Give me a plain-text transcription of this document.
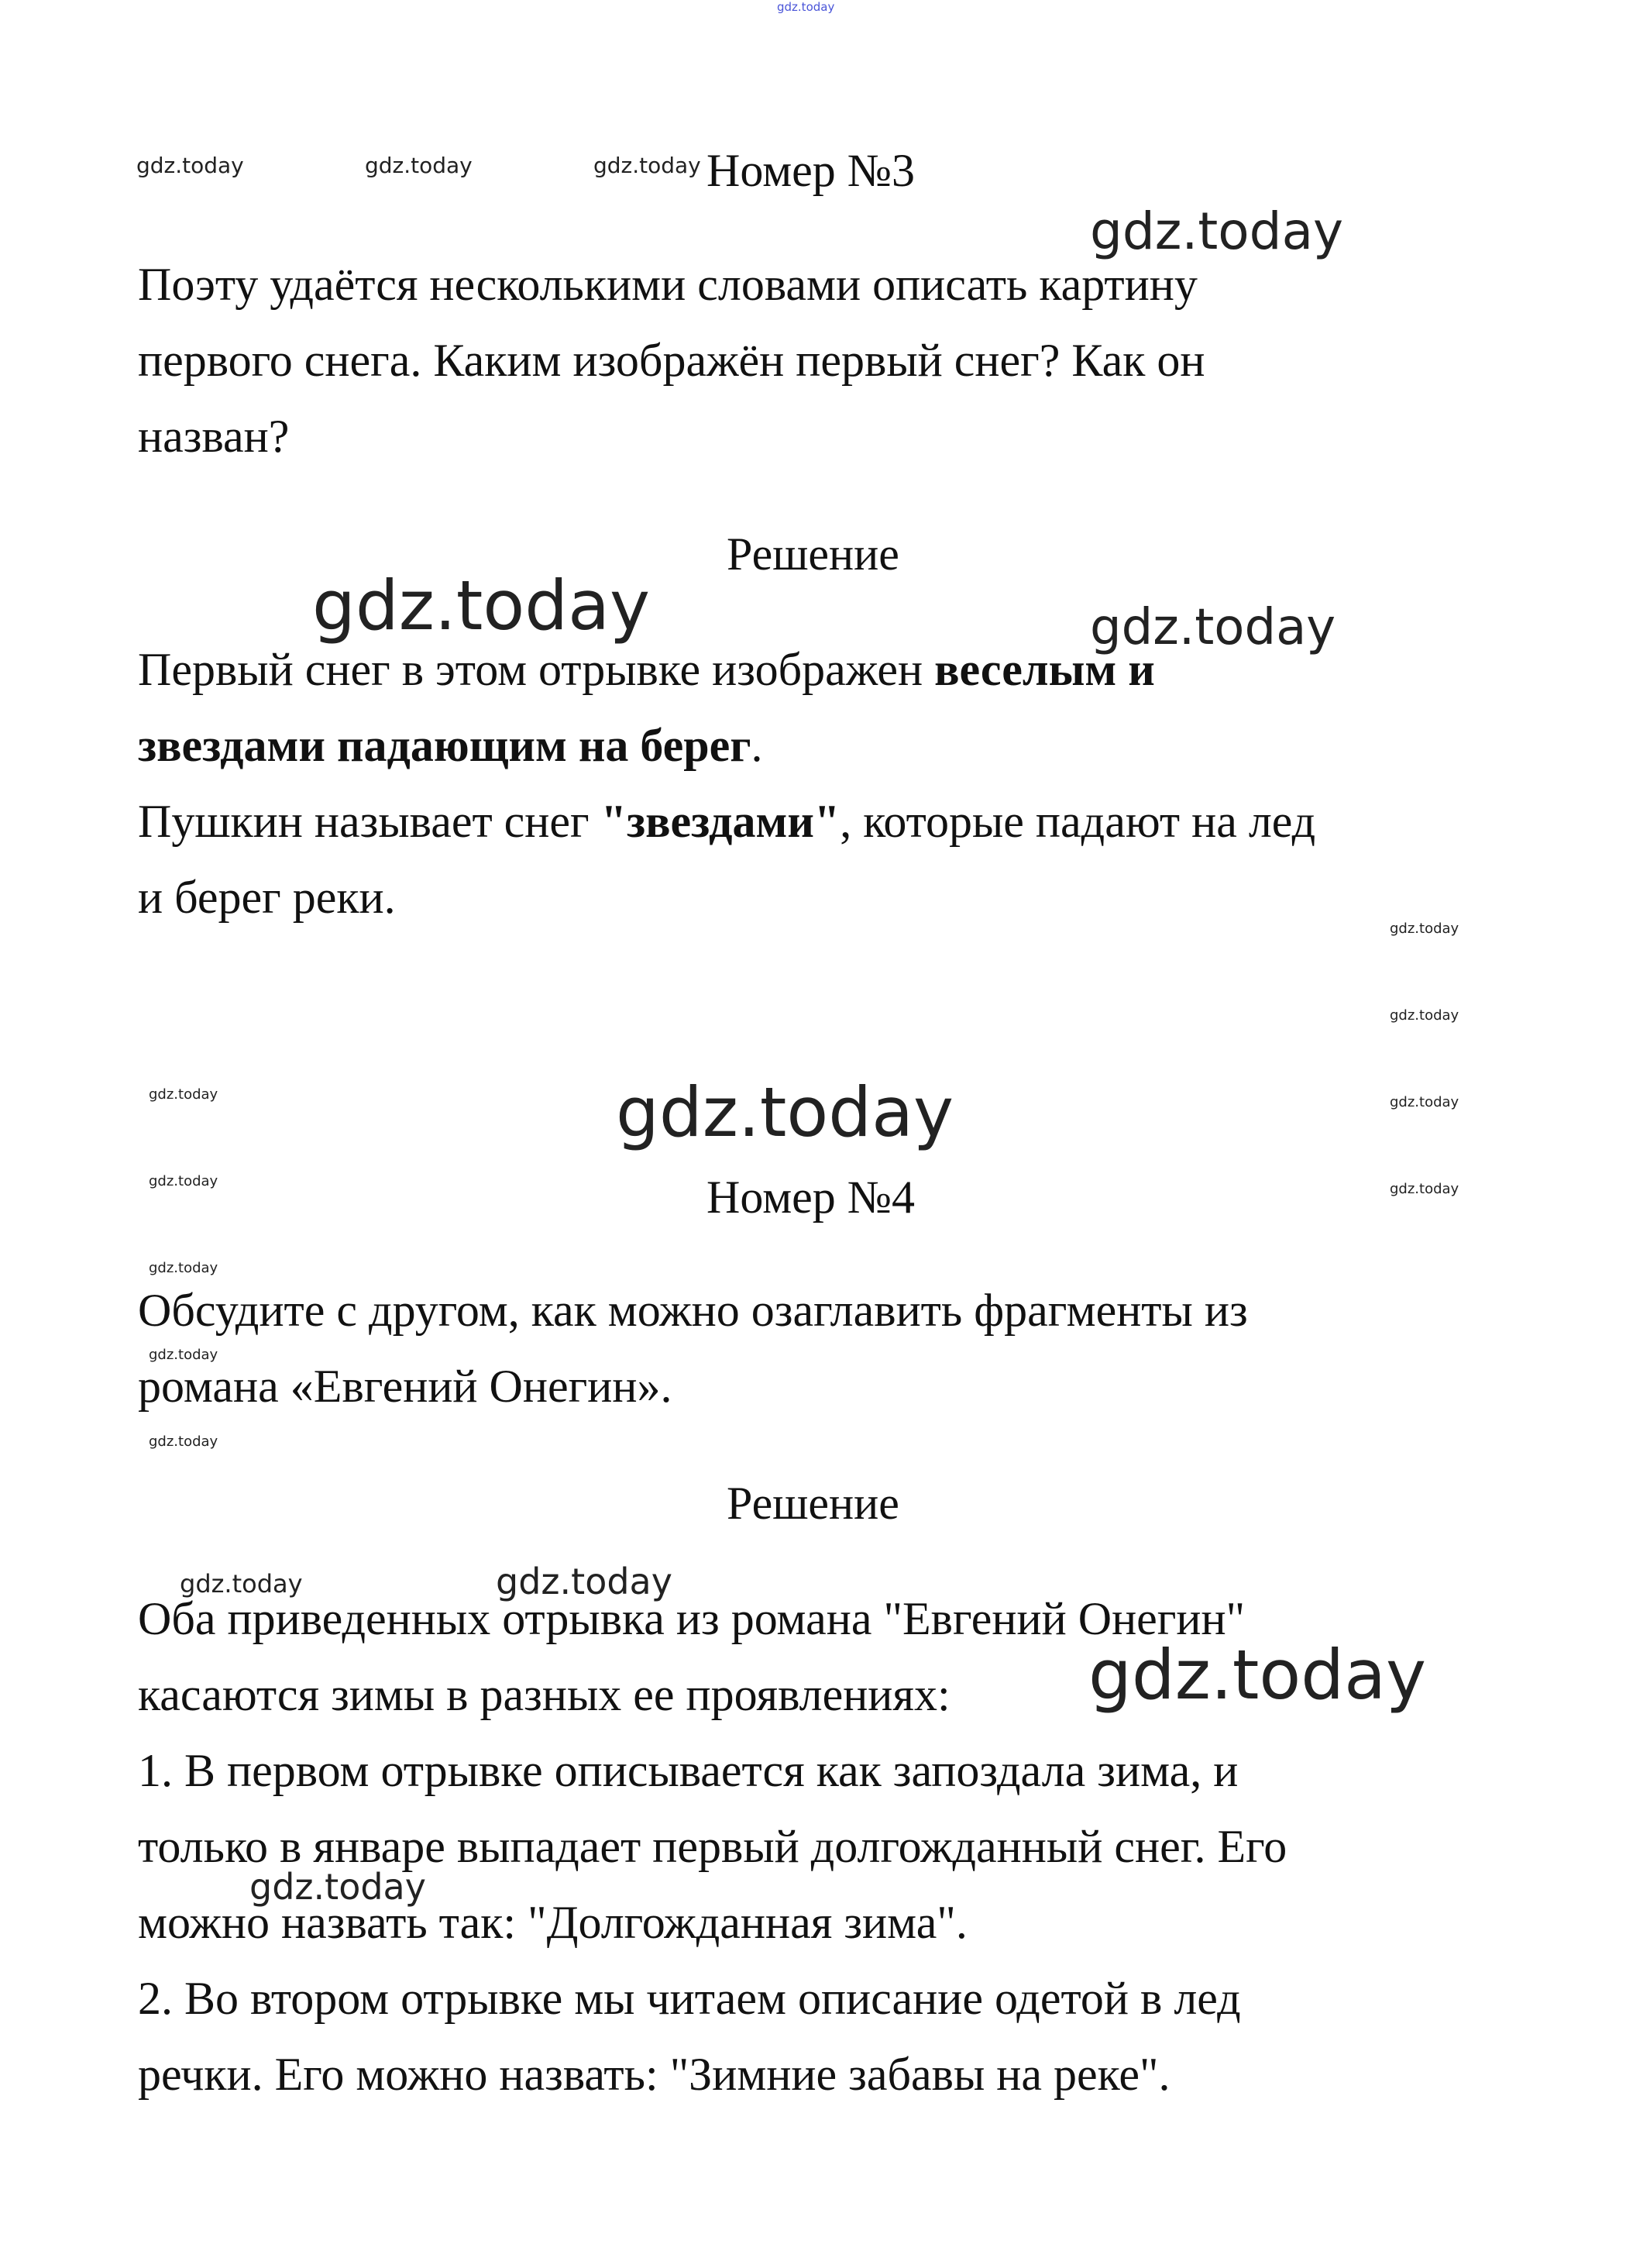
gdz.today
gdz.today	gdz.today	gdz.today
gdz.today
gdz.today	gdz.today
gdz.today
gdz.today
gdz.today
gdz.today
gdz.today
gdz.today
gdz.today
gdz.today
gdz.today
gdz.today
gdz.today	gdz.today
gdz.today
gdz.today
Номер №3
Поэту удаётся несколькими словами описать картину
первого снега. Каким изображён первый снег? Как он
назван?
Решение
Первый снег в этом отрывке изображен веселым и
звездами падающим на берег.
Пушкин называет снег "звездами", которые падают на лед
и берег реки.
Номер №4
Обсудите с другом, как можно озаглавить фрагменты из
романа «Евгений Онегин».
Решение
Оба приведенных отрывка из романа "Евгений Онегин"
касаются зимы в разных ее проявлениях:
1. В первом отрывке описывается как запоздала зима, и
только в январе выпадает первый долгожданный снег. Его
можно назвать так: "Долгожданная зима".
2. Во втором отрывке мы читаем описание одетой в лед
речки. Его можно назвать: "Зимние забавы на реке".
